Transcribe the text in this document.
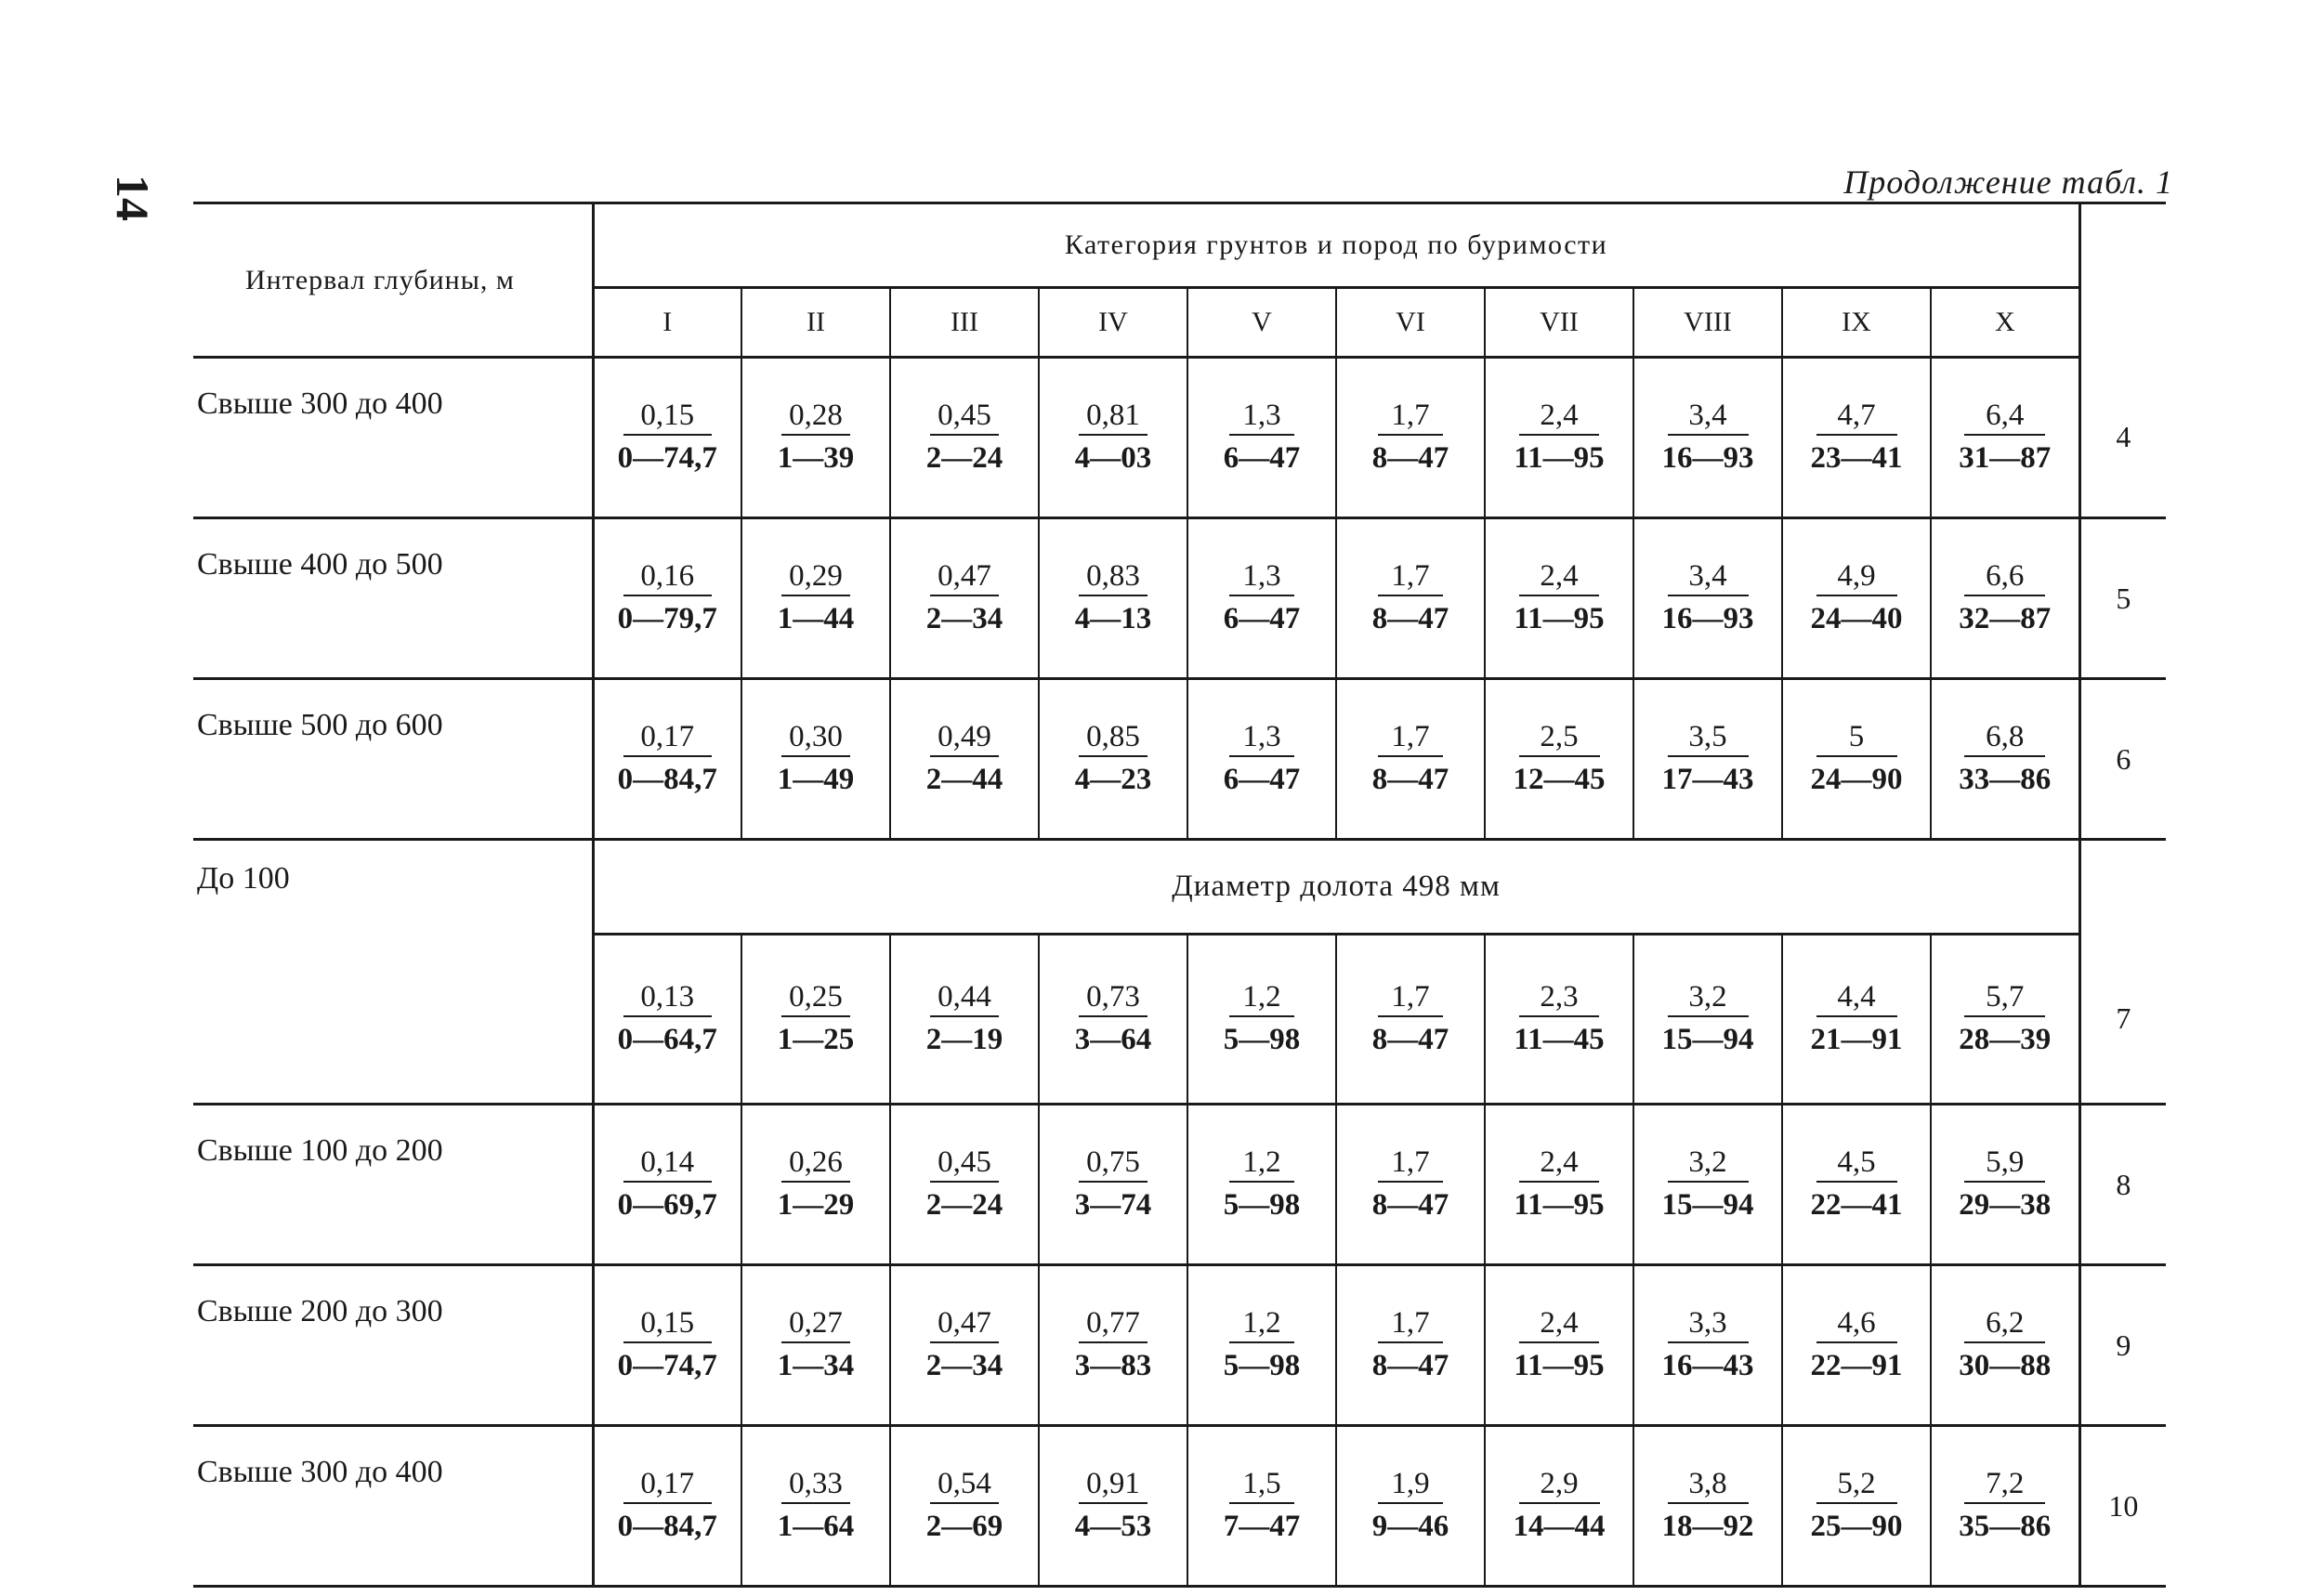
14	Продолжение табл. 1
Интервал глубины, м	Категория грунтов и пород по буримости										
	I	II	III	IV	V	VI	VII	VIII	IX	X	
Свыше 300 до 400	$\frac{0,15}{0—74,7}$	$\frac{0,28}{1—39}$	$\frac{0,45}{2—24}$	$\frac{0,81}{4—03}$	$\frac{1,3}{6—47}$	$\frac{1,7}{8—47}$	$\frac{2,4}{11—95}$	$\frac{3,4}{16—93}$	$\frac{4,7}{23—41}$	$\frac{6,4}{31—87}$	4
Свыше 400 до 500	$\frac{0,16}{0—79,7}$	$\frac{0,29}{1—44}$	$\frac{0,47}{2—34}$	$\frac{0,83}{4—13}$	$\frac{1,3}{6—47}$	$\frac{1,7}{8—47}$	$\frac{2,4}{11—95}$	$\frac{3,4}{16—93}$	$\frac{4,9}{24—40}$	$\frac{6,6}{32—87}$	5
Свыше 500 до 600	$\frac{0,17}{0—84,7}$	$\frac{0,30}{1—49}$	$\frac{0,49}{2—44}$	$\frac{0,85}{4—23}$	$\frac{1,3}{6—47}$	$\frac{1,7}{8—47}$	$\frac{2,5}{12—45}$	$\frac{3,5}{17—43}$	$\frac{5}{24—90}$	$\frac{6,8}{33—86}$	6
До 100	Диаметр долота 498 мм										

	$\frac{0,13}{0—64,7}$	$\frac{0,25}{1—25}$	$\frac{0,44}{2—19}$	$\frac{0,73}{3—64}$	$\frac{1,2}{5—98}$	$\frac{1,7}{8—47}$	$\frac{2,3}{11—45}$	$\frac{3,2}{15—94}$	$\frac{4,4}{21—91}$	$\frac{5,7}{28—39}$	7
Свыше 100 до 200	$\frac{0,14}{0—69,7}$	$\frac{0,26}{1—29}$	$\frac{0,45}{2—24}$	$\frac{0,75}{3—74}$	$\frac{1,2}{5—98}$	$\frac{1,7}{8—47}$	$\frac{2,4}{11—95}$	$\frac{3,2}{15—94}$	$\frac{4,5}{22—41}$	$\frac{5,9}{29—38}$	8
Свыше 200 до 300	$\frac{0,15}{0—74,7}$	$\frac{0,27}{1—34}$	$\frac{0,47}{2—34}$	$\frac{0,77}{3—83}$	$\frac{1,2}{5—98}$	$\frac{1,7}{8—47}$	$\frac{2,4}{11—95}$	$\frac{3,3}{16—43}$	$\frac{4,6}{22—91}$	$\frac{6,2}{30—88}$	9
Свыше 300 до 400	$\frac{0,17}{0—84,7}$	$\frac{0,33}{1—64}$	$\frac{0,54}{2—69}$	$\frac{0,91}{4—53}$	$\frac{1,5}{7—47}$	$\frac{1,9}{9—46}$	$\frac{2,9}{14—44}$	$\frac{3,8}{18—92}$	$\frac{5,2}{25—90}$	$\frac{7,2}{35—86}$	10
